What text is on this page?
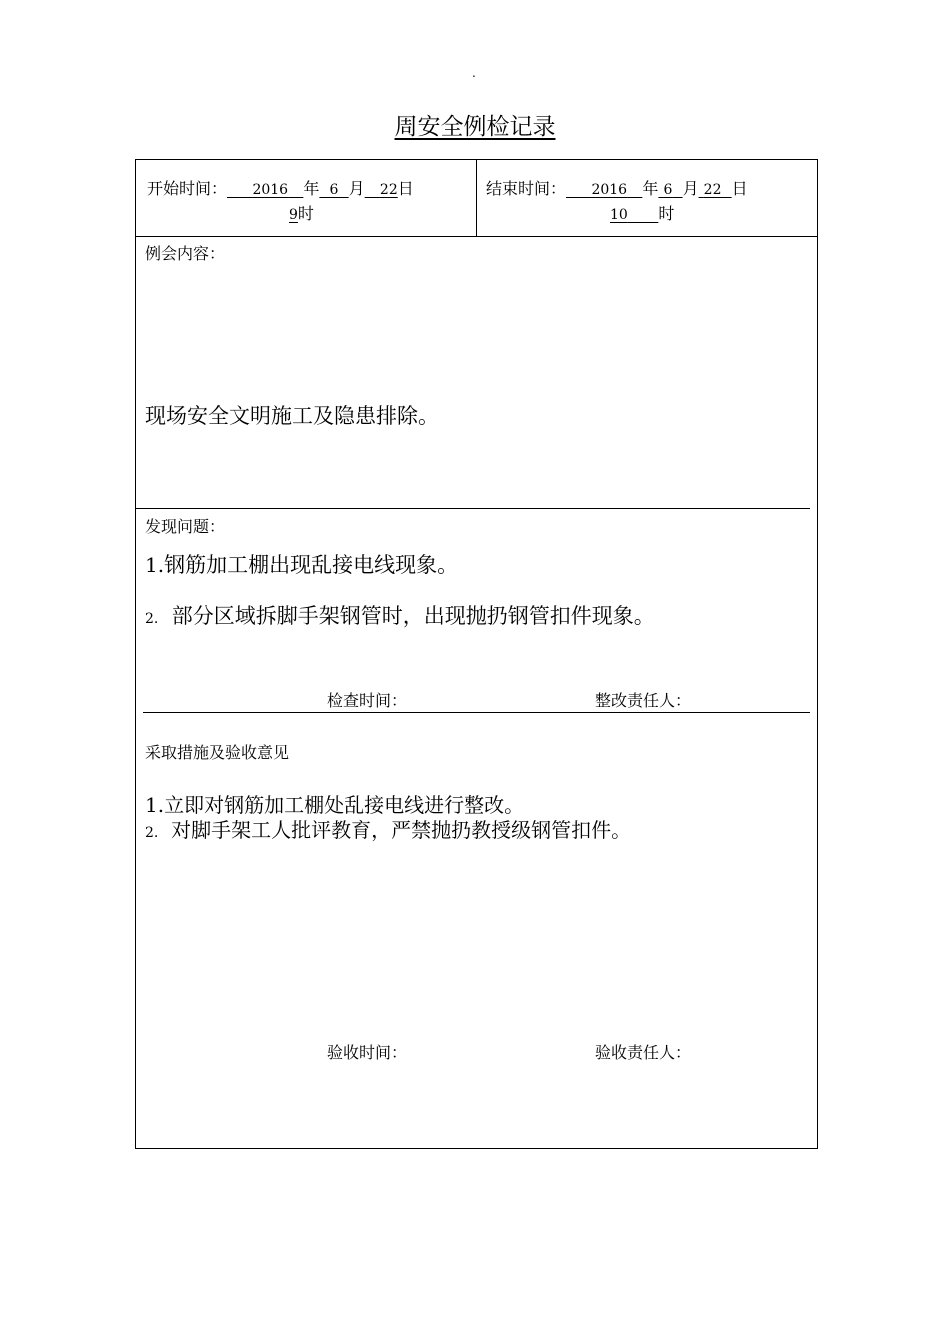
.
周安全例检记录
开始时间： 2016 年 6 月 22日
9时
结束时间： 2016 年 6 月 22 日
10 时
例会内容：
现场安全文明施工及隐患排除。
发现问题：
1.钢筋加工棚出现乱接电线现象。
2. 部分区域拆脚手架钢管时，出现抛扔钢管扣件现象。
检查时间：	整改责任人：
采取措施及验收意见
1.立即对钢筋加工棚处乱接电线进行整改。
2. 对脚手架工人批评教育，严禁抛扔教授级钢管扣件。
验收时间：	验收责任人：
